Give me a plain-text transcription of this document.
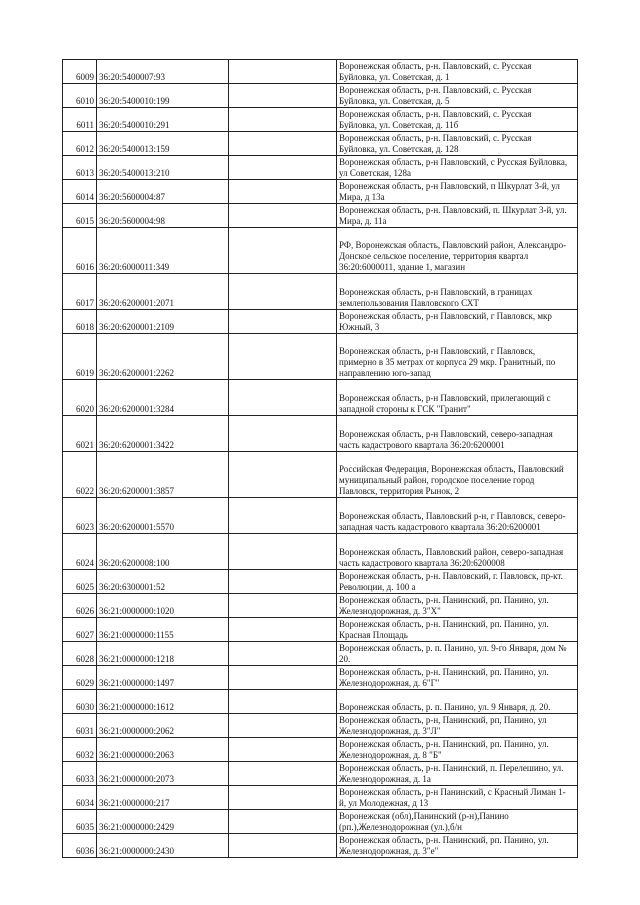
6009	36:20:5400007:93		Воронежская область, р-н. Павловский, с. Русская
Буйловка, ул. Советская, д. 1

6010	36:20:5400010:199		Воронежская область, р-н. Павловский, с. Русская
Буйловка, ул. Советская, д. 5

6011	36:20:5400010:291		Воронежская область, р-н. Павловский, с. Русская
Буйловка, ул. Советская, д. 11б

6012	36:20:5400013:159		Воронежская область, р-н. Павловский, с. Русская
Буйловка, ул. Советская, д. 128

6013	36:20:5400013:210		Воронежская область, р-н Павловский, с Русская Буйловка,
ул Советская, 128а

6014	36:20:5600004:87		Воронежская область, р-н Павловский, п Шкурлат 3-й, ул
Мира, д 13а

6015	36:20:5600004:98		Воронежская область, р-н. Павловский, п. Шкурлат 3-й, ул.
Мира, д. 11а

6016	36:20:6000011:349		РФ, Воронежская область, Павловский район, Александро-
Донское сельское поселение, территория квартал
36:20:6000011, здание 1, магазин

6017	36:20:6200001:2071		Воронежская область, р-н Павловский, в границах
землепользования Павловского СХТ

6018	36:20:6200001:2109		Воронежская область, р-н Павловский, г Павловск, мкр
Южный, 3

6019	36:20:6200001:2262		Воронежская область, р-н Павловский, г Павловск,
примерно в 35 метрах от корпуса 29 мкр. Гранитный, по
направлению юго-запад

6020	36:20:6200001:3284		Воронежская область, р-н Павловский, прилегающий с
западной стороны к ГСК "Гранит"

6021	36:20:6200001:3422		Воронежская область, р-н Павловский, северо-западная
часть кадастрового квартала 36:20:6200001

6022	36:20:6200001:3857		Российская Федерация, Воронежская область, Павловский
муниципальный район, городское поселение город
Павловск, территория Рынок, 2

6023	36:20:6200001:5570		Воронежская область, Павловский р-н, г Павловск, северо-
западная часть кадастрового квартала 36:20:6200001

6024	36:20:6200008:100		Воронежская область, Павловский район, северо-западная
часть кадастрового квартала 36:20:6200008

6025	36:20:6300001:52		Воронежская область, р-н. Павловский, г. Павловск, пр-кт.
Революции, д. 100 а

6026	36:21:0000000:1020		Воронежская область, р-н. Панинский, рп. Панино, ул.
Железнодорожная, д. 3"Х"

6027	36:21:0000000:1155		Воронежская область, р-н. Панинский, рп. Панино, ул.
Красная Площадь

6028	36:21:0000000:1218		Воронежская область, р. п. Панино, ул. 9-го Января, дом №
20.

6029	36:21:0000000:1497		Воронежская область, р-н. Панинский, рп. Панино, ул.
Железнодорожная, д. 6"Г"

6030	36:21:0000000:1612		Воронежская область, р. п. Панино, ул. 9 Января, д. 20.

6031	36:21:0000000:2062		Воронежская область, р-н, Панинский, рп, Панино, ул
Железнодорожная, д. 3"Л"

6032	36:21:0000000:2063		Воронежская область, р-н. Панинский, рп. Панино, ул.
Железнодорожная, д. 8 "Б"

6033	36:21:0000000:2073		Воронежская область, р-н. Панинский, п. Перелешино, ул.
Железнодорожная, д. 1а

6034	36:21:0000000:217		Воронежская область, р-н Панинский, с Красный Лиман 1-
й, ул Молодежная, д 13

6035	36:21:0000000:2429		Воронежская (обл),Панинский (р-н),Панино
(рп.),Железнодорожная (ул.),б/н

6036	36:21:0000000:2430		Воронежская область, р-н. Панинский, рп. Панино, ул.
Железнодорожная, д. 3"е"
